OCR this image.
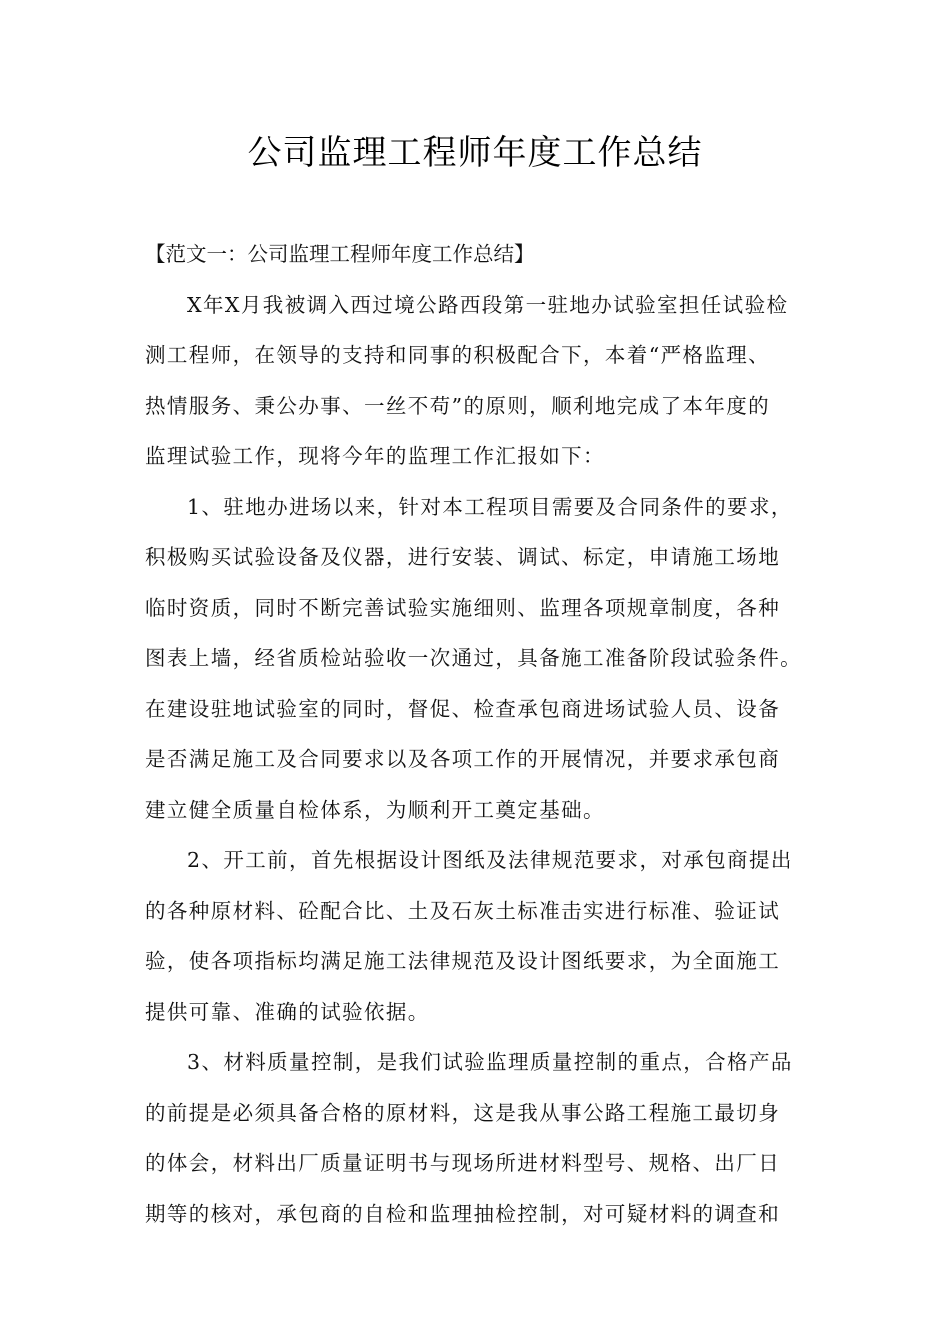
公司监理工程师年度工作总结

【范文一：公司监理工程师年度工作总结】

X年X月我被调入西过境公路西段第一驻地办试验室担任试验检
测工程师，在领导的支持和同事的积极配合下，本着“严格监理、
热情服务、秉公办事、一丝不苟”的原则，顺利地完成了本年度的
监理试验工作，现将今年的监理工作汇报如下：
1、驻地办进场以来，针对本工程项目需要及合同条件的要求，
积极购买试验设备及仪器，进行安装、调试、标定，申请施工场地
临时资质，同时不断完善试验实施细则、监理各项规章制度，各种
图表上墙，经省质检站验收一次通过，具备施工准备阶段试验条件。
在建设驻地试验室的同时，督促、检查承包商进场试验人员、设备
是否满足施工及合同要求以及各项工作的开展情况，并要求承包商
建立健全质量自检体系，为顺利开工奠定基础。
2、开工前，首先根据设计图纸及法律规范要求，对承包商提出
的各种原材料、砼配合比、土及石灰土标准击实进行标准、验证试
验，使各项指标均满足施工法律规范及设计图纸要求，为全面施工
提供可靠、准确的试验依据。
3、材料质量控制，是我们试验监理质量控制的重点，合格产品
的前提是必须具备合格的原材料，这是我从事公路工程施工最切身
的体会，材料出厂质量证明书与现场所进材料型号、规格、出厂日
期等的核对，承包商的自检和监理抽检控制，对可疑材料的调查和
